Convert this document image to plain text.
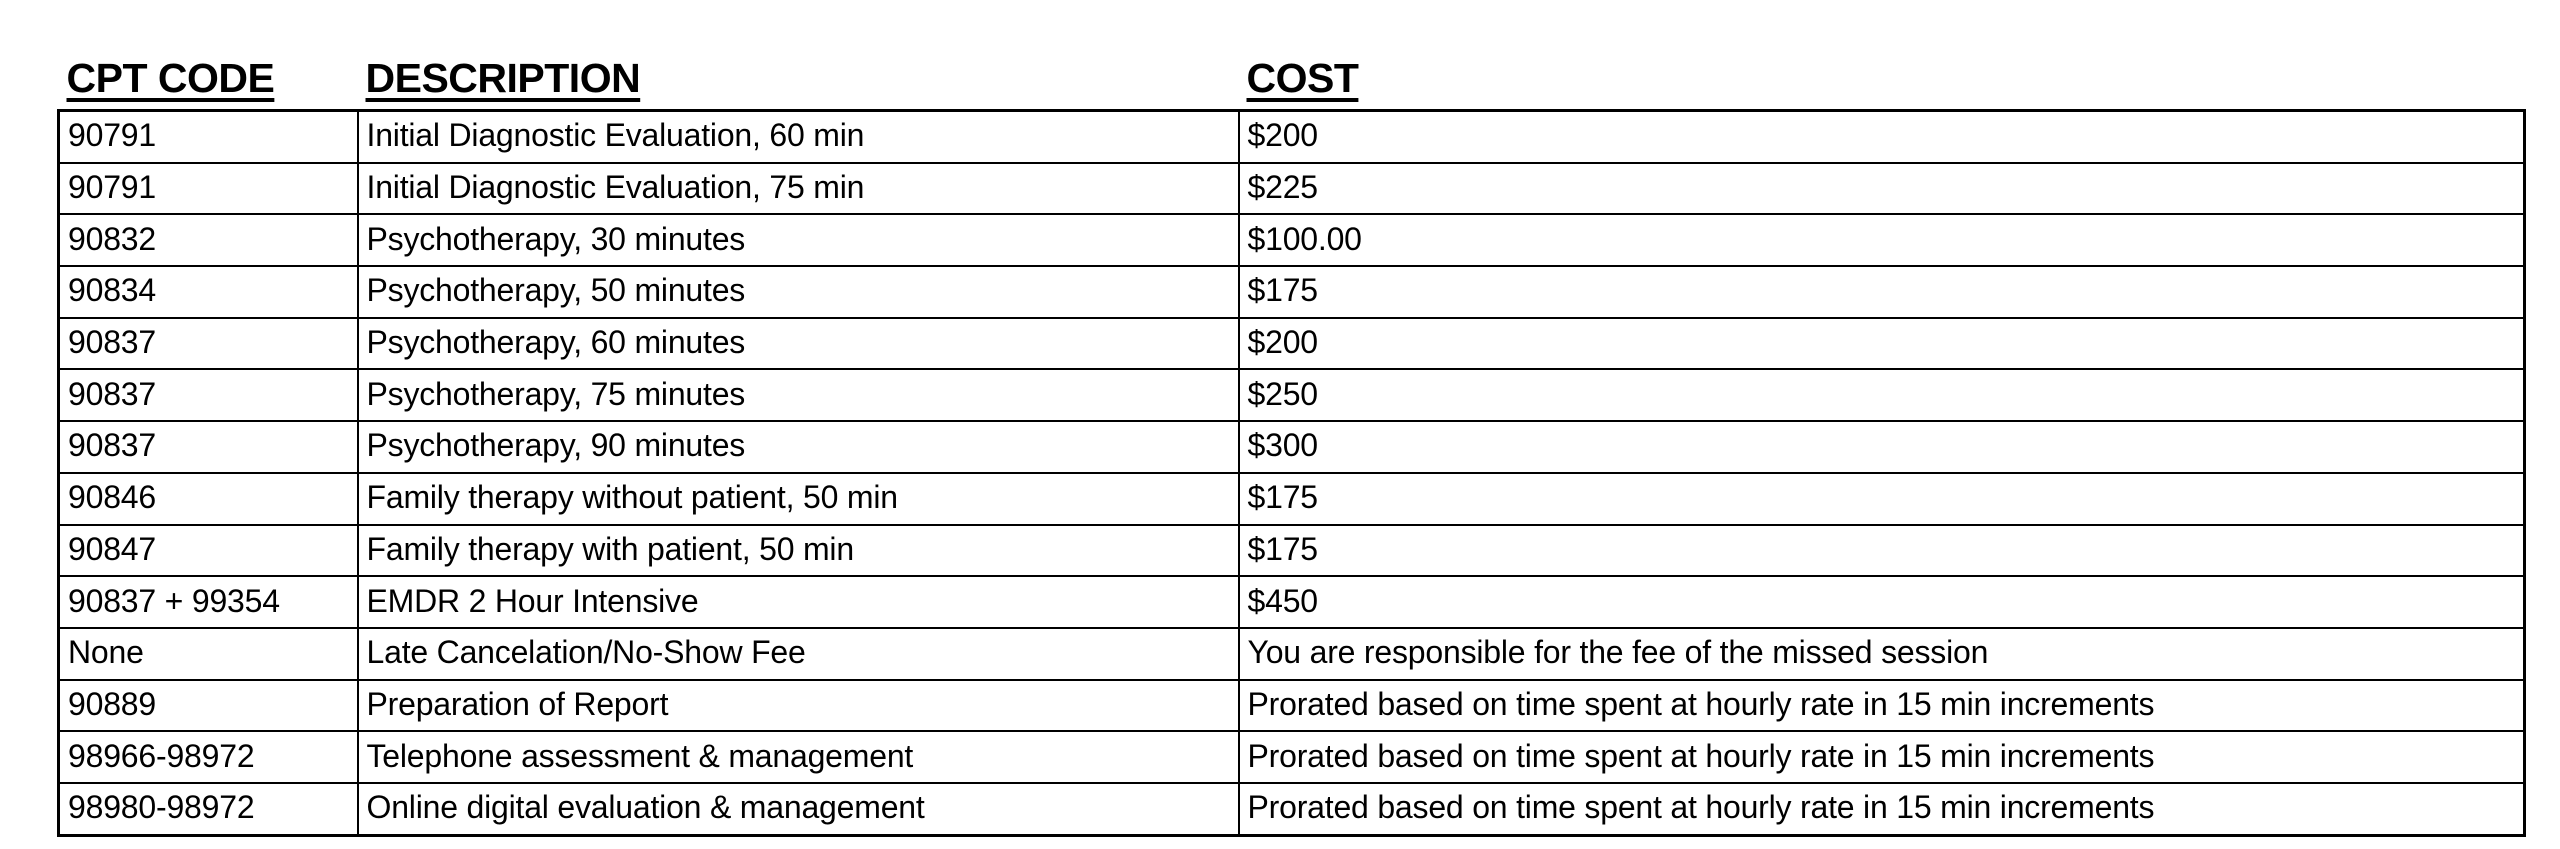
CPT CODE	DESCRIPTION	COST
90791	Initial Diagnostic Evaluation, 60 min	$200
90791	Initial Diagnostic Evaluation, 75 min	$225
90832	Psychotherapy, 30 minutes	$100.00
90834	Psychotherapy, 50 minutes	$175
90837	Psychotherapy, 60 minutes	$200
90837	Psychotherapy, 75 minutes	$250
90837	Psychotherapy, 90 minutes	$300
90846	Family therapy without patient, 50 min	$175
90847	Family therapy with patient, 50 min	$175
90837 + 99354	EMDR 2 Hour Intensive	$450
None	Late Cancelation/No-Show Fee	You are responsible for the fee of the missed session
90889	Preparation of Report	Prorated based on time spent at hourly rate in 15 min increments
98966-98972	Telephone assessment & management	Prorated based on time spent at hourly rate in 15 min increments
98980-98972	Online digital evaluation & management	Prorated based on time spent at hourly rate in 15 min increments
